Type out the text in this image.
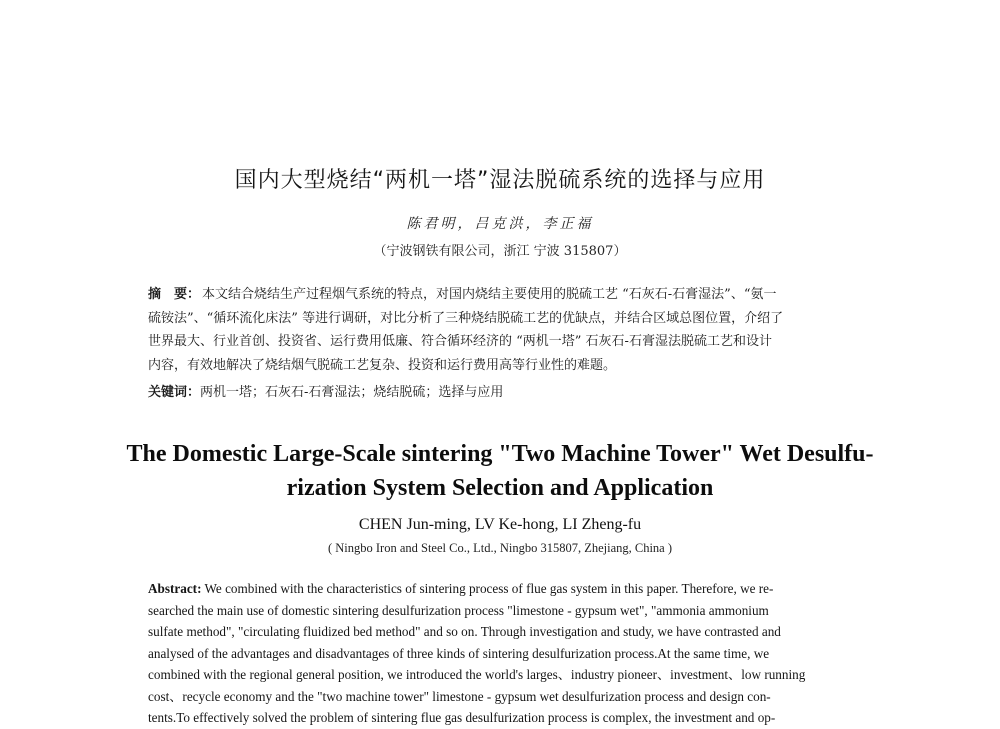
国内大型烧结“两机一塔”湿法脱硫系统的选择与应用
陈君明，吕克洪，李正福
（宁波钢铁有限公司，浙江 宁波 315807）
摘　要： 本文结合烧结生产过程烟气系统的特点，对国内烧结主要使用的脱硫工艺 “石灰石-石膏湿法”、“氨一
硫铵法”、“循环流化床法” 等进行调研，对比分析了三种烧结脱硫工艺的优缺点，并结合区域总图位置，介绍了
世界最大、行业首创、投资省、运行费用低廉、符合循环经济的 “两机一塔” 石灰石-石膏湿法脱硫工艺和设计
内容，有效地解决了烧结烟气脱硫工艺复杂、投资和运行费用高等行业性的难题。
关键词：两机一塔；石灰石-石膏湿法；烧结脱硫；选择与应用
The Domestic Large-Scale sintering "Two Machine Tower" Wet Desulfu-
rization System Selection and Application
CHEN Jun-ming, LV Ke-hong, LI Zheng-fu
( Ningbo Iron and Steel Co., Ltd., Ningbo 315807, Zhejiang, China )
Abstract: We combined with the characteristics of sintering process of flue gas system in this paper. Therefore, we re-
searched the main use of domestic sintering desulfurization process "limestone - gypsum wet", "ammonia ammonium
sulfate method", "circulating fluidized bed method" and so on. Through investigation and study, we have contrasted and
analysed of the advantages and disadvantages of three kinds of sintering desulfurization process.At the same time, we
combined with the regional general position, we introduced the world's larges、industry pioneer、investment、low running
cost、recycle economy and the "two machine tower" limestone - gypsum wet desulfurization process and design con-
tents.To effectively solved the problem of sintering flue gas desulfurization process is complex, the investment and op-
